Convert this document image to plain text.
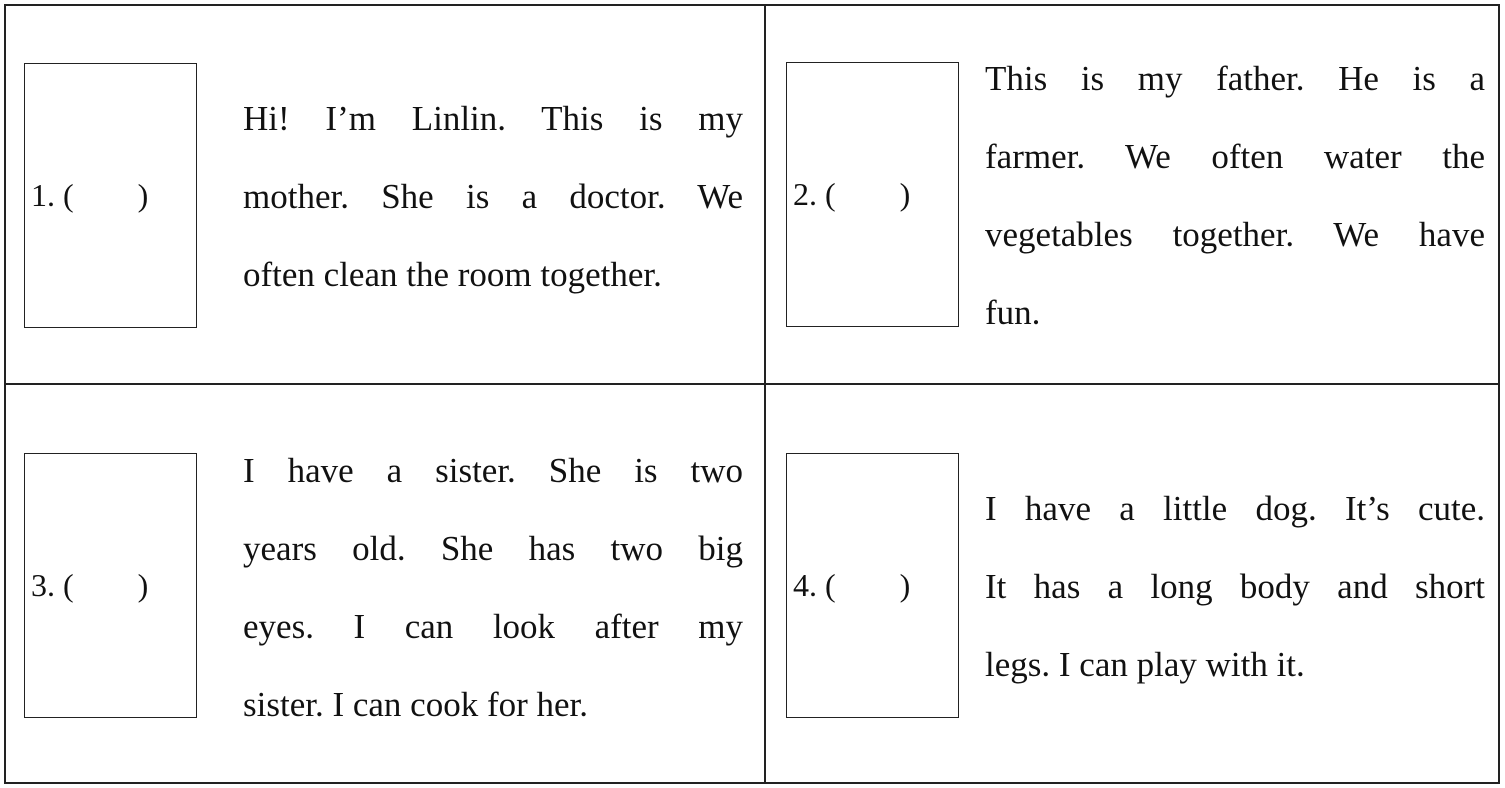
1. (        )
Hi! I’m Linlin. This is my
mother. She is a doctor. We
often clean the room together.
2. (        )
This is my father. He is a
farmer. We often water the
vegetables together. We have
fun.
3. (        )
I have a sister. She is two
years old. She has two big
eyes. I can look after my
sister. I can cook for her.
4. (        )
I have a little dog. It’s cute.
It has a long body and short
legs. I can play with it.
